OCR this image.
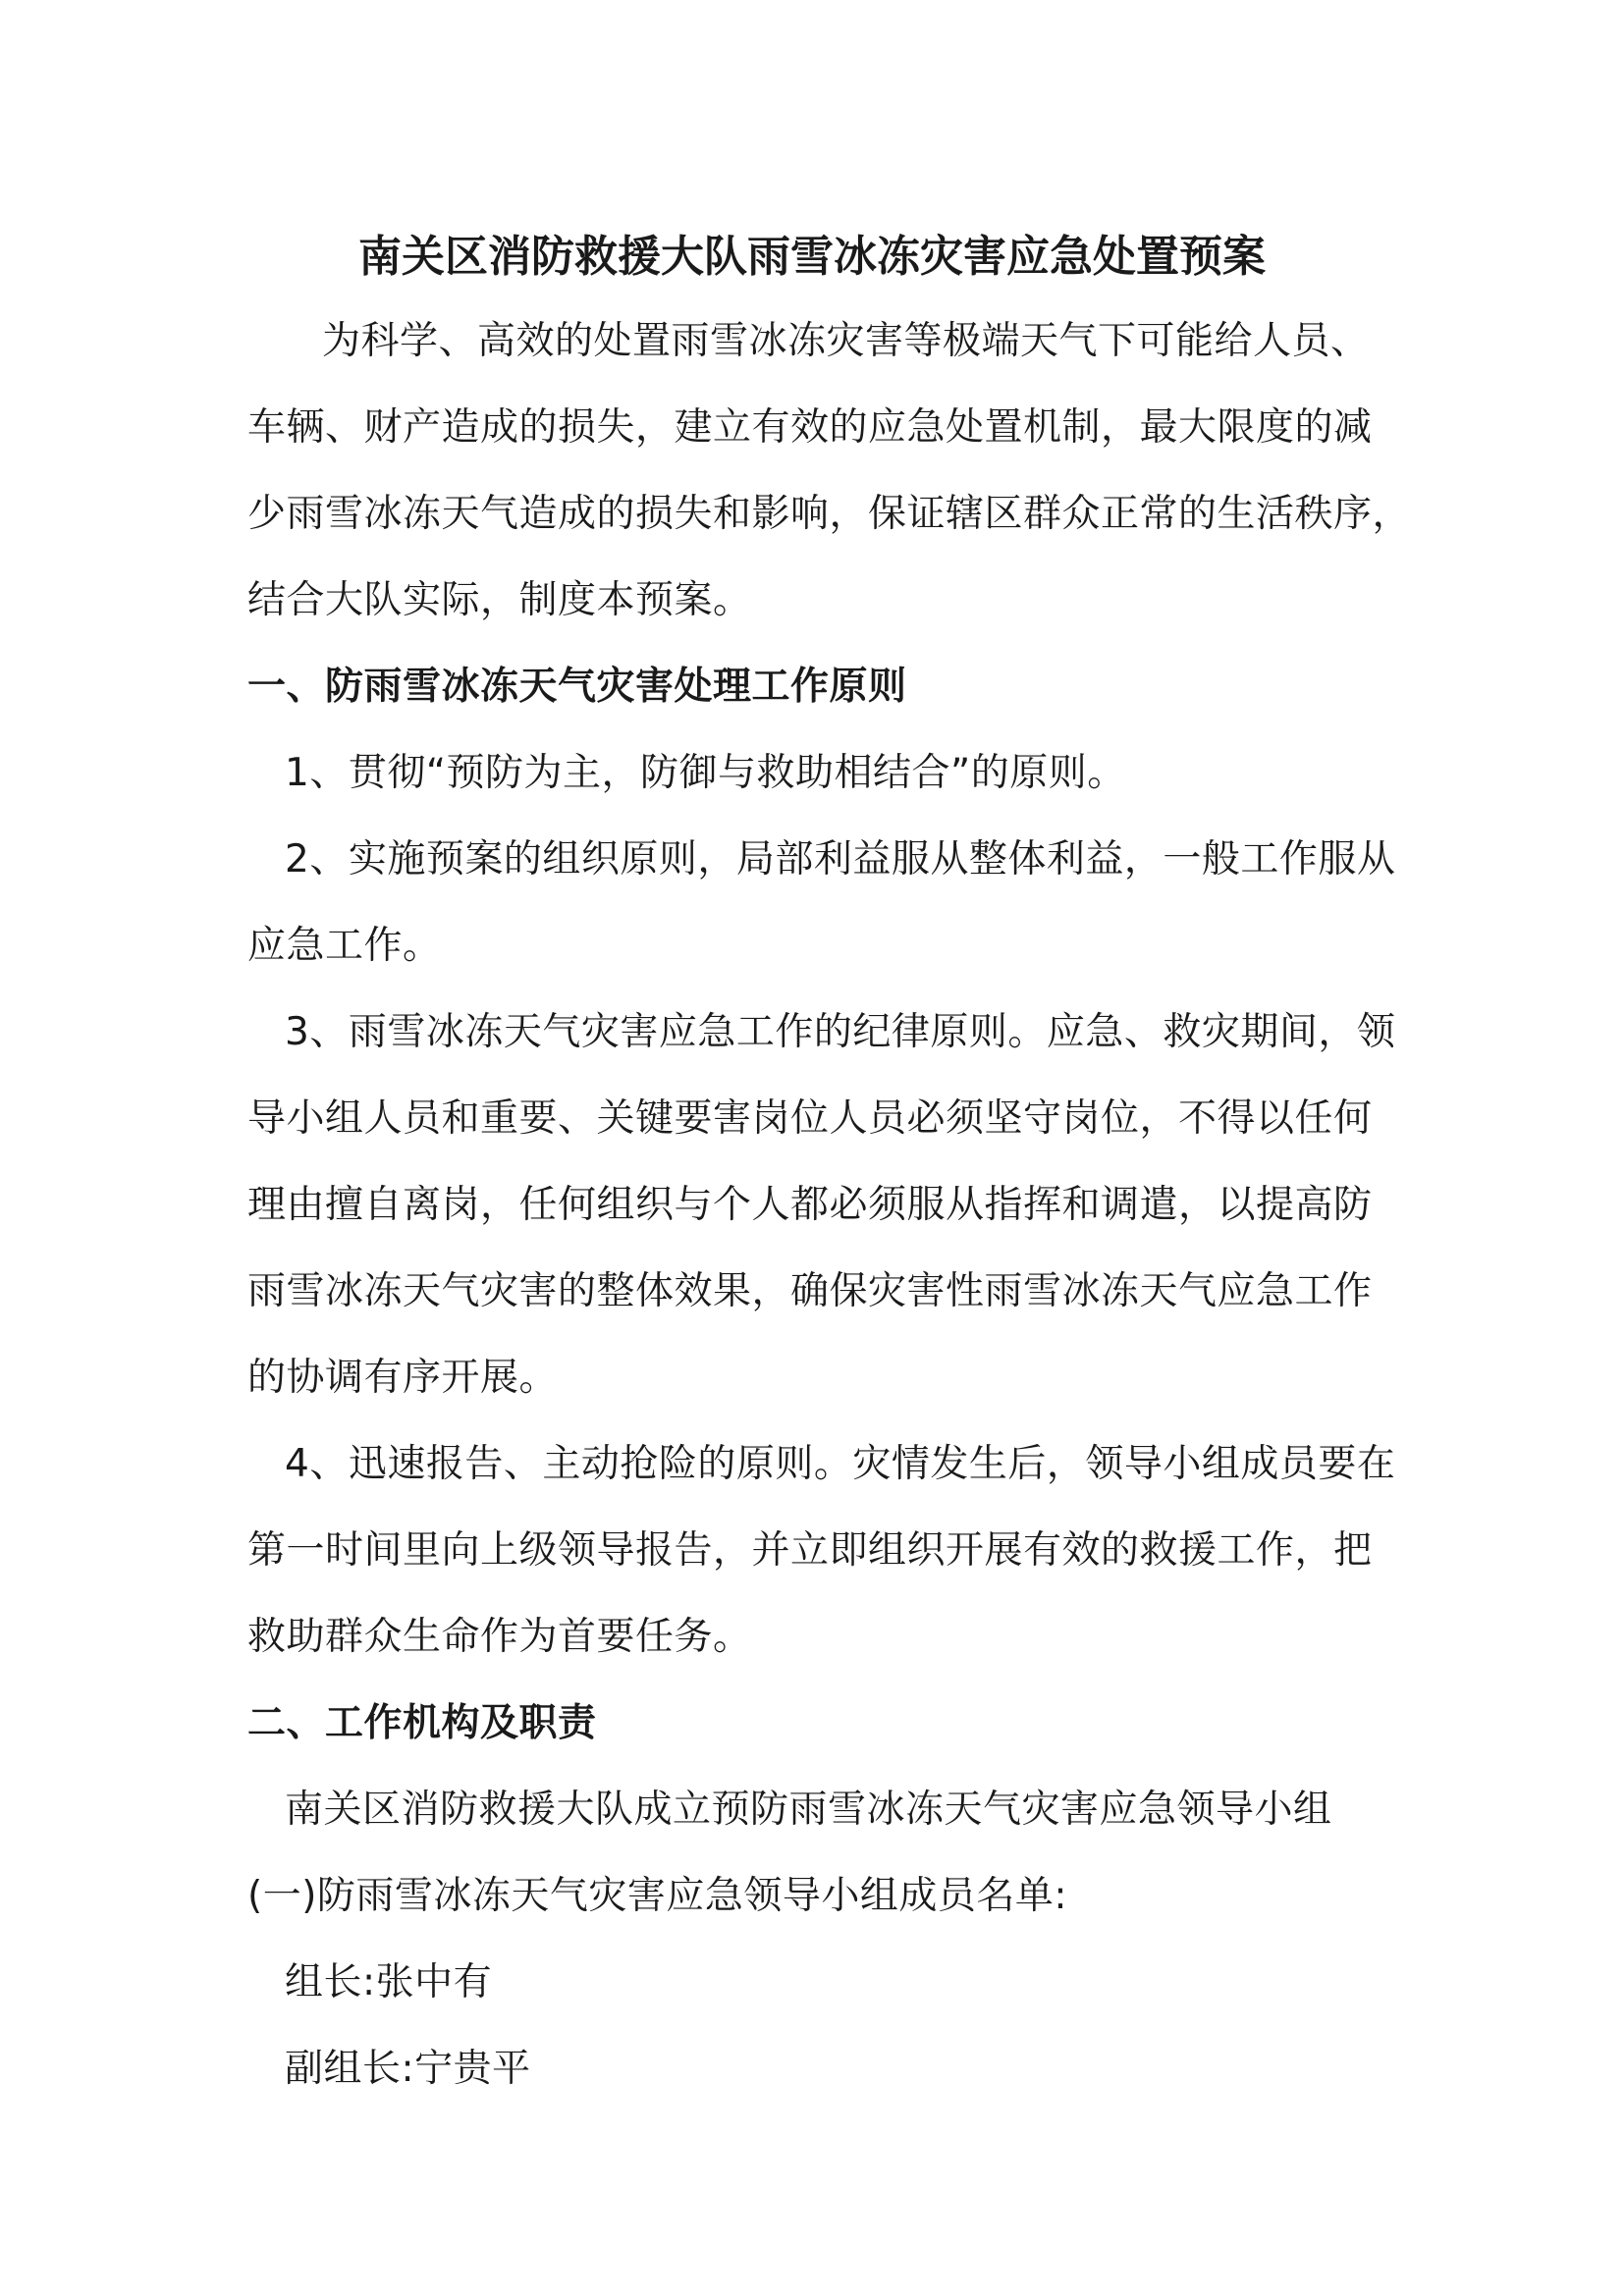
南关区消防救援大队雨雪冰冻灾害应急处置预案
为科学、高效的处置雨雪冰冻灾害等极端天气下可能给人员、
车辆、财产造成的损失，建立有效的应急处置机制，最大限度的减
少雨雪冰冻天气造成的损失和影响，保证辖区群众正常的生活秩序，
结合大队实际，制度本预案。
一、防雨雪冰冻天气灾害处理工作原则
1、贯彻“预防为主，防御与救助相结合”的原则。
2、实施预案的组织原则，局部利益服从整体利益，一般工作服从
应急工作。
3、雨雪冰冻天气灾害应急工作的纪律原则。应急、救灾期间，领
导小组人员和重要、关键要害岗位人员必须坚守岗位，不得以任何
理由擅自离岗，任何组织与个人都必须服从指挥和调遣，以提高防
雨雪冰冻天气灾害的整体效果，确保灾害性雨雪冰冻天气应急工作
的协调有序开展。
4、迅速报告、主动抢险的原则。灾情发生后，领导小组成员要在
第一时间里向上级领导报告，并立即组织开展有效的救援工作，把
救助群众生命作为首要任务。
二、工作机构及职责
南关区消防救援大队成立预防雨雪冰冻天气灾害应急领导小组
(一)防雨雪冰冻天气灾害应急领导小组成员名单:
组长:张中有
副组长:宁贵平
